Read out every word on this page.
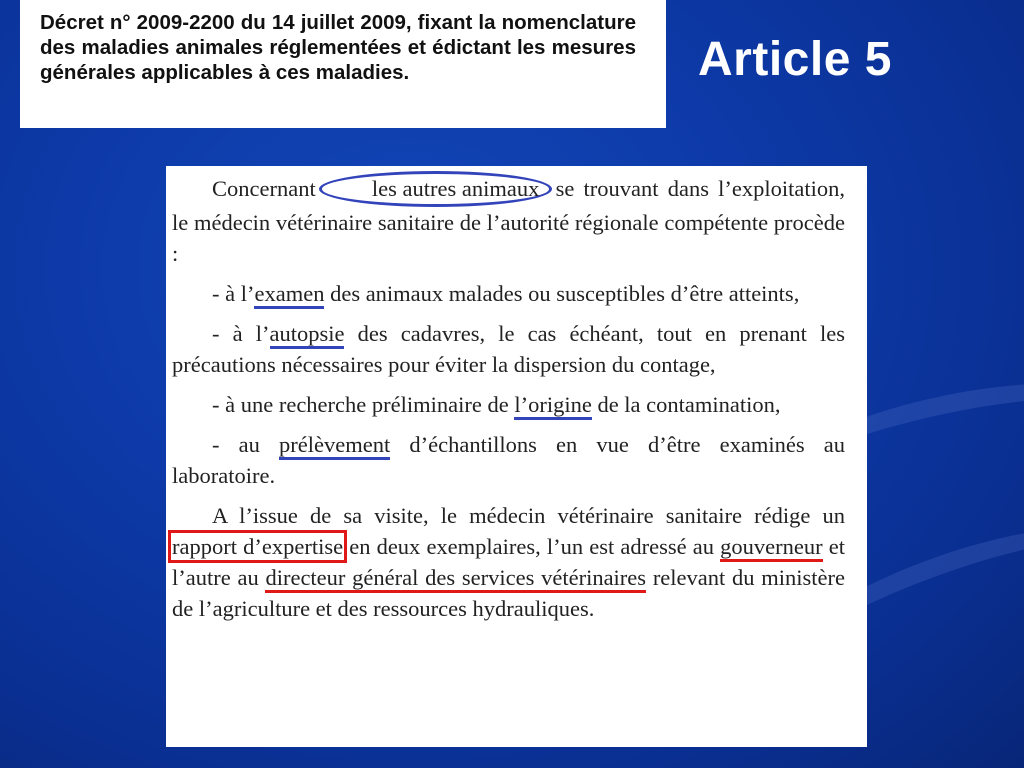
Décret n° 2009-2200 du 14 juillet 2009, fixant la nomenclature des maladies animales réglementées et édictant les mesures générales applicables à ces maladies.	Article 5

Concernant les autres animaux se trouvant dans l’exploitation, le médecin vétérinaire sanitaire de l’autorité régionale compétente procède :

- à l’examen des animaux malades ou susceptibles d’être atteints,

- à l’autopsie des cadavres, le cas échéant, tout en prenant les précautions nécessaires pour éviter la dispersion du contage,

- à une recherche préliminaire de l’origine de la contamination,

- au prélèvement d’échantillons en vue d’être examinés au laboratoire.

A l’issue de sa visite, le médecin vétérinaire sanitaire rédige un rapport d’expertise en deux exemplaires, l’un est adressé au gouverneur et l’autre au directeur général des services vétérinaires relevant du ministère de l’agriculture et des ressources hydrauliques.
